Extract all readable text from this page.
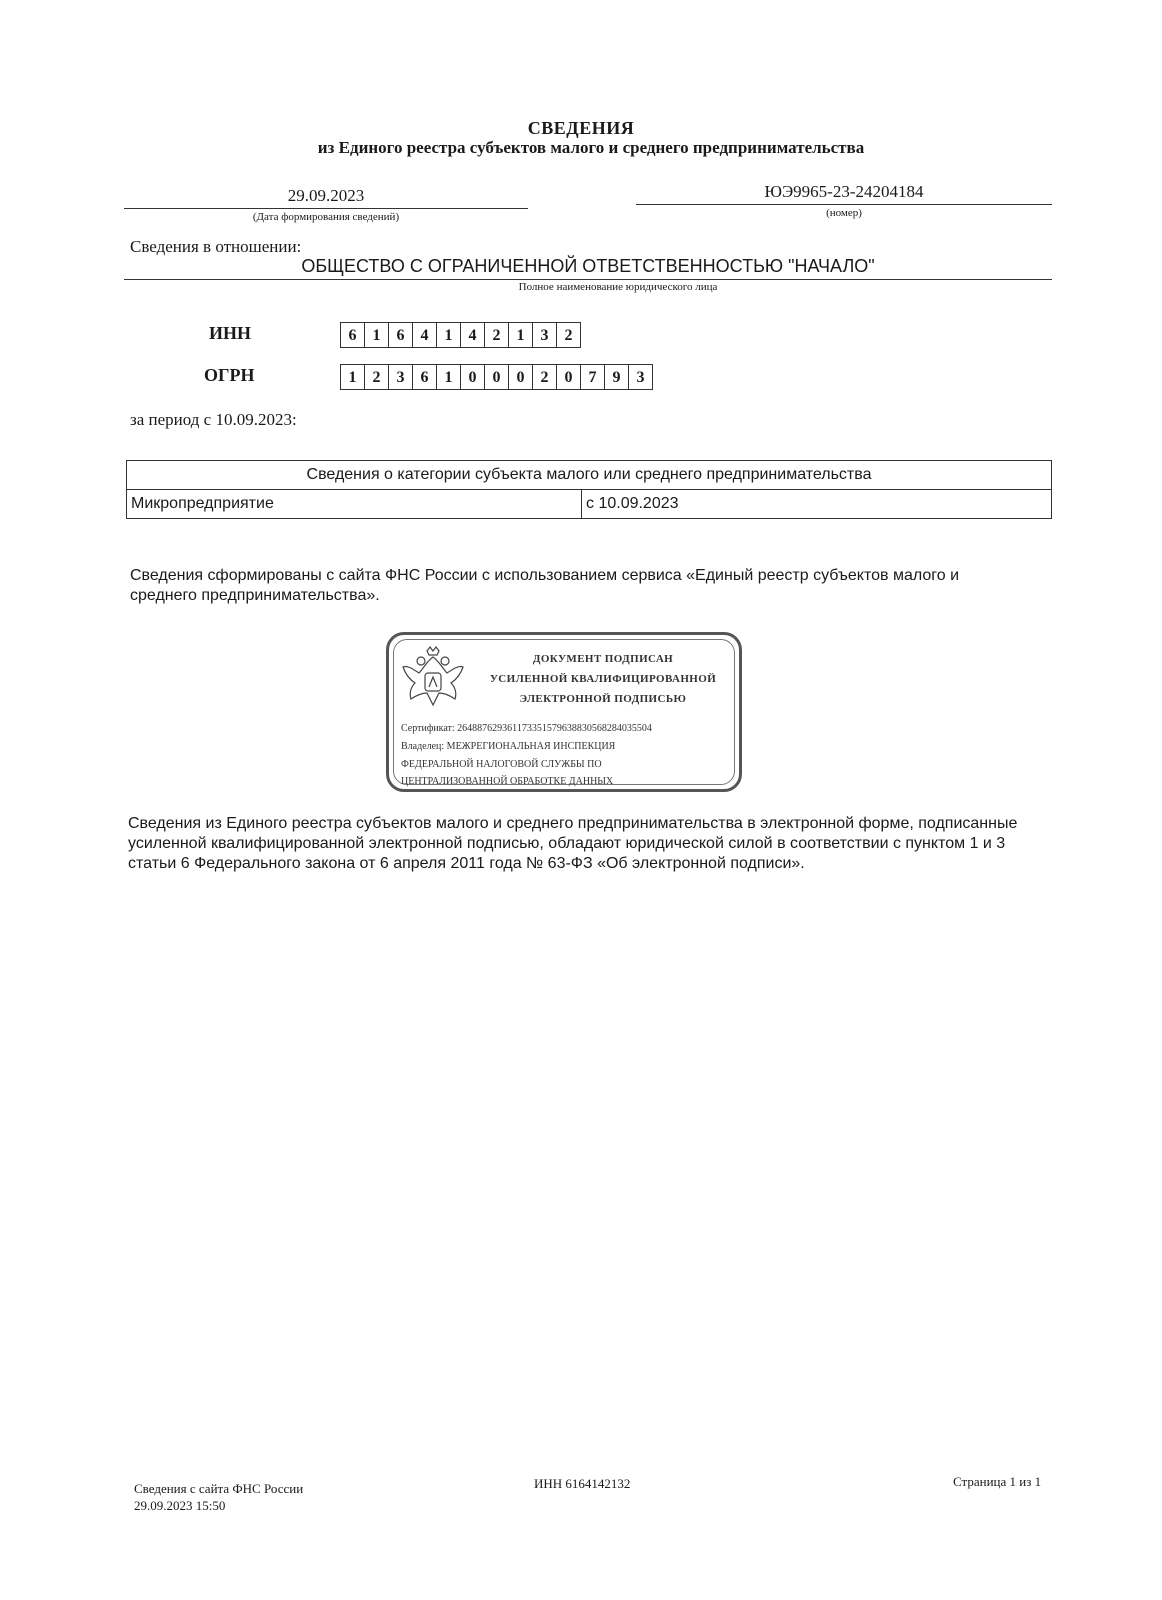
СВЕДЕНИЯ
из Единого реестра субъектов малого и среднего предпринимательства
29.09.2023
(Дата формирования сведений)
ЮЭ9965-23-24204184
(номер)
Сведения в отношении:
ОБЩЕСТВО С ОГРАНИЧЕННОЙ ОТВЕТСТВЕННОСТЬЮ "НАЧАЛО"
Полное наименование юридического лица
ИНН	6	1	6	4	1	4	2	1	3	2
ОГРН	1	2	3	6	1	0	0	0	2	0	7	9	3
за период с 10.09.2023:
Сведения о категории субъекта малого или среднего предпринимательства
Микропредприятие	с 10.09.2023
Сведения сформированы с сайта ФНС России с использованием сервиса «Единый реестр субъектов малого и среднего предпринимательства».
ДОКУМЕНТ ПОДПИСАН
УСИЛЕННОЙ КВАЛИФИЦИРОВАННОЙ
ЭЛЕКТРОННОЙ ПОДПИСЬЮ
Сертификат: 264887629361173351579638830568284035504
Владелец: МЕЖРЕГИОНАЛЬНАЯ ИНСПЕКЦИЯ
ФЕДЕРАЛЬНОЙ НАЛОГОВОЙ СЛУЖБЫ ПО
ЦЕНТРАЛИЗОВАННОЙ ОБРАБОТКЕ ДАННЫХ
Сведения из Единого реестра субъектов малого и среднего предпринимательства в электронной форме, подписанные усиленной квалифицированной электронной подписью, обладают юридической силой в соответствии с пунктом 1 и 3 статьи 6 Федерального закона от 6 апреля 2011 года № 63-ФЗ «Об электронной подписи».
Сведения с сайта ФНС России
29.09.2023 15:50
ИНН 6164142132	Страница 1 из 1
